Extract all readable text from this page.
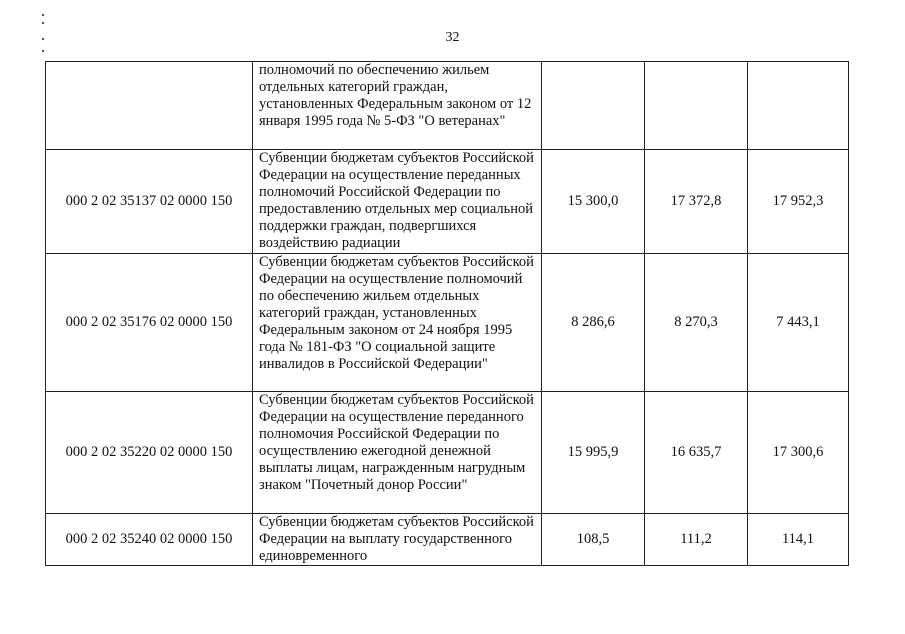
32

	полномочий по обеспечению жильем отдельных категорий граждан, установленных Федеральным законом от 12 января 1995 года № 5-ФЗ "О ветеранах"			

000 2 02 35137 02 0000 150	Субвенции бюджетам субъектов Российской Федерации на осуществление переданных полномочий Российской Федерации по предоставлению отдельных мер социальной поддержки граждан, подвергшихся воздействию радиации	15 300,0	17 372,8	17 952,3
000 2 02 35176 02 0000 150	Субвенции бюджетам субъектов Российской Федерации на осуществление полномочий по обеспечению жильем отдельных категорий граждан, установленных Федеральным законом от 24 ноября 1995 года № 181-ФЗ "О социальной защите инвалидов в Российской Федерации"	8 286,6	8 270,3	7 443,1
000 2 02 35220 02 0000 150	Субвенции бюджетам субъектов Российской Федерации на осуществление переданного полномочия Российской Федерации по осуществлению ежегодной денежной выплаты лицам, награжденным нагрудным знаком "Почетный донор России"	15 995,9	16 635,7	17 300,6
000 2 02 35240 02 0000 150	Субвенции бюджетам субъектов Российской Федерации на выплату государственного единовременного	108,5	111,2	114,1
